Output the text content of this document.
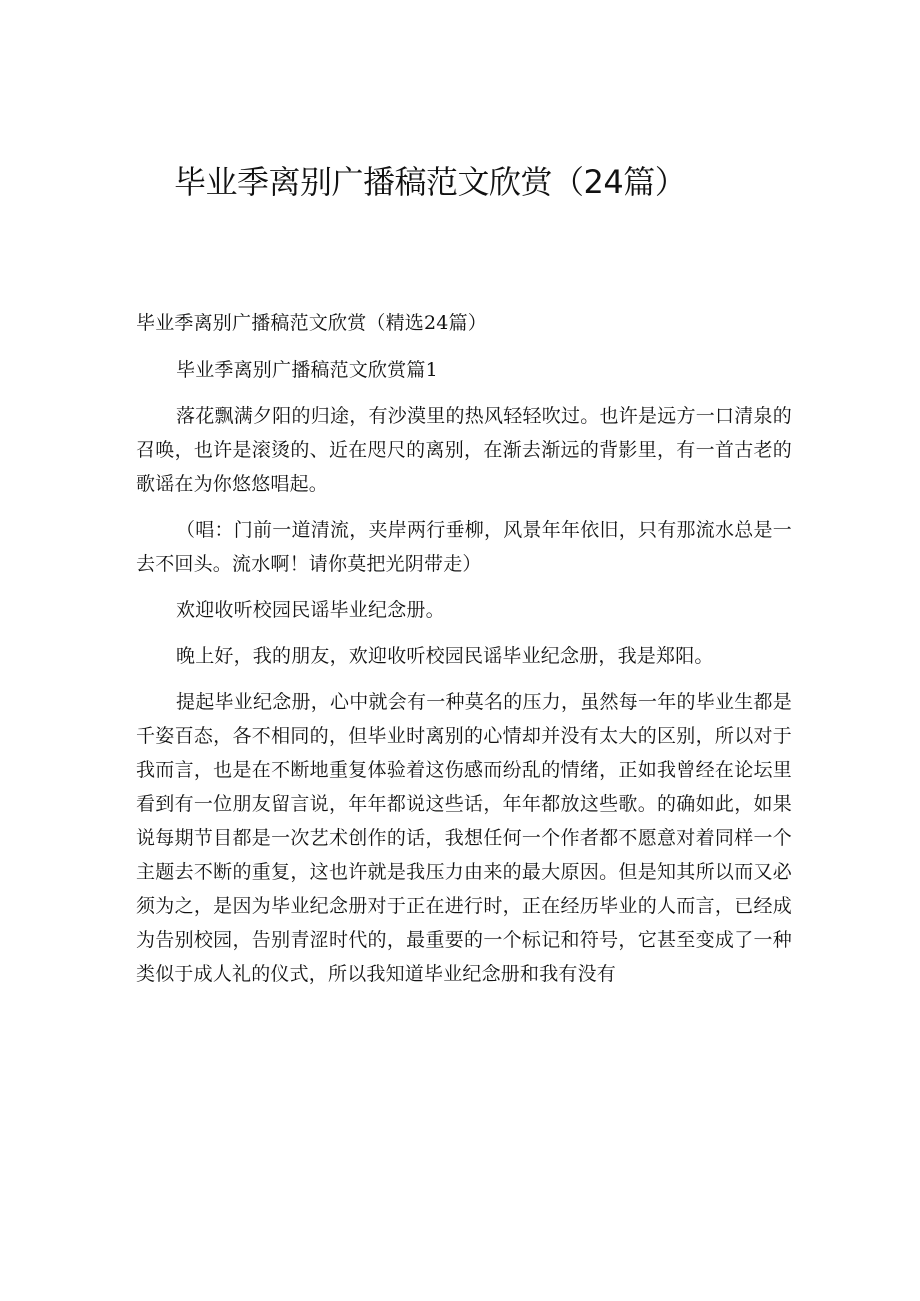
毕业季离别广播稿范文欣赏（24篇）

毕业季离别广播稿范文欣赏（精选24篇）

毕业季离别广播稿范文欣赏篇1

落花飘满夕阳的归途，有沙漠里的热风轻轻吹过。也许是远方一口清泉的召唤，也许是滚烫的、近在咫尺的离别，在渐去渐远的背影里，有一首古老的歌谣在为你悠悠唱起。

（唱：门前一道清流，夹岸两行垂柳，风景年年依旧，只有那流水总是一去不回头。流水啊！请你莫把光阴带走）

欢迎收听校园民谣毕业纪念册。

晚上好，我的朋友，欢迎收听校园民谣毕业纪念册，我是郑阳。

提起毕业纪念册，心中就会有一种莫名的压力，虽然每一年的毕业生都是千姿百态，各不相同的，但毕业时离别的心情却并没有太大的区别，所以对于我而言，也是在不断地重复体验着这伤感而纷乱的情绪，正如我曾经在论坛里看到有一位朋友留言说，年年都说这些话，年年都放这些歌。的确如此，如果说每期节目都是一次艺术创作的话，我想任何一个作者都不愿意对着同样一个主题去不断的重复，这也许就是我压力由来的最大原因。但是知其所以而又必须为之，是因为毕业纪念册对于正在进行时，正在经历毕业的人而言，已经成为告别校园，告别青涩时代的，最重要的一个标记和符号，它甚至变成了一种类似于成人礼的仪式，所以我知道毕业纪念册和我有没有
